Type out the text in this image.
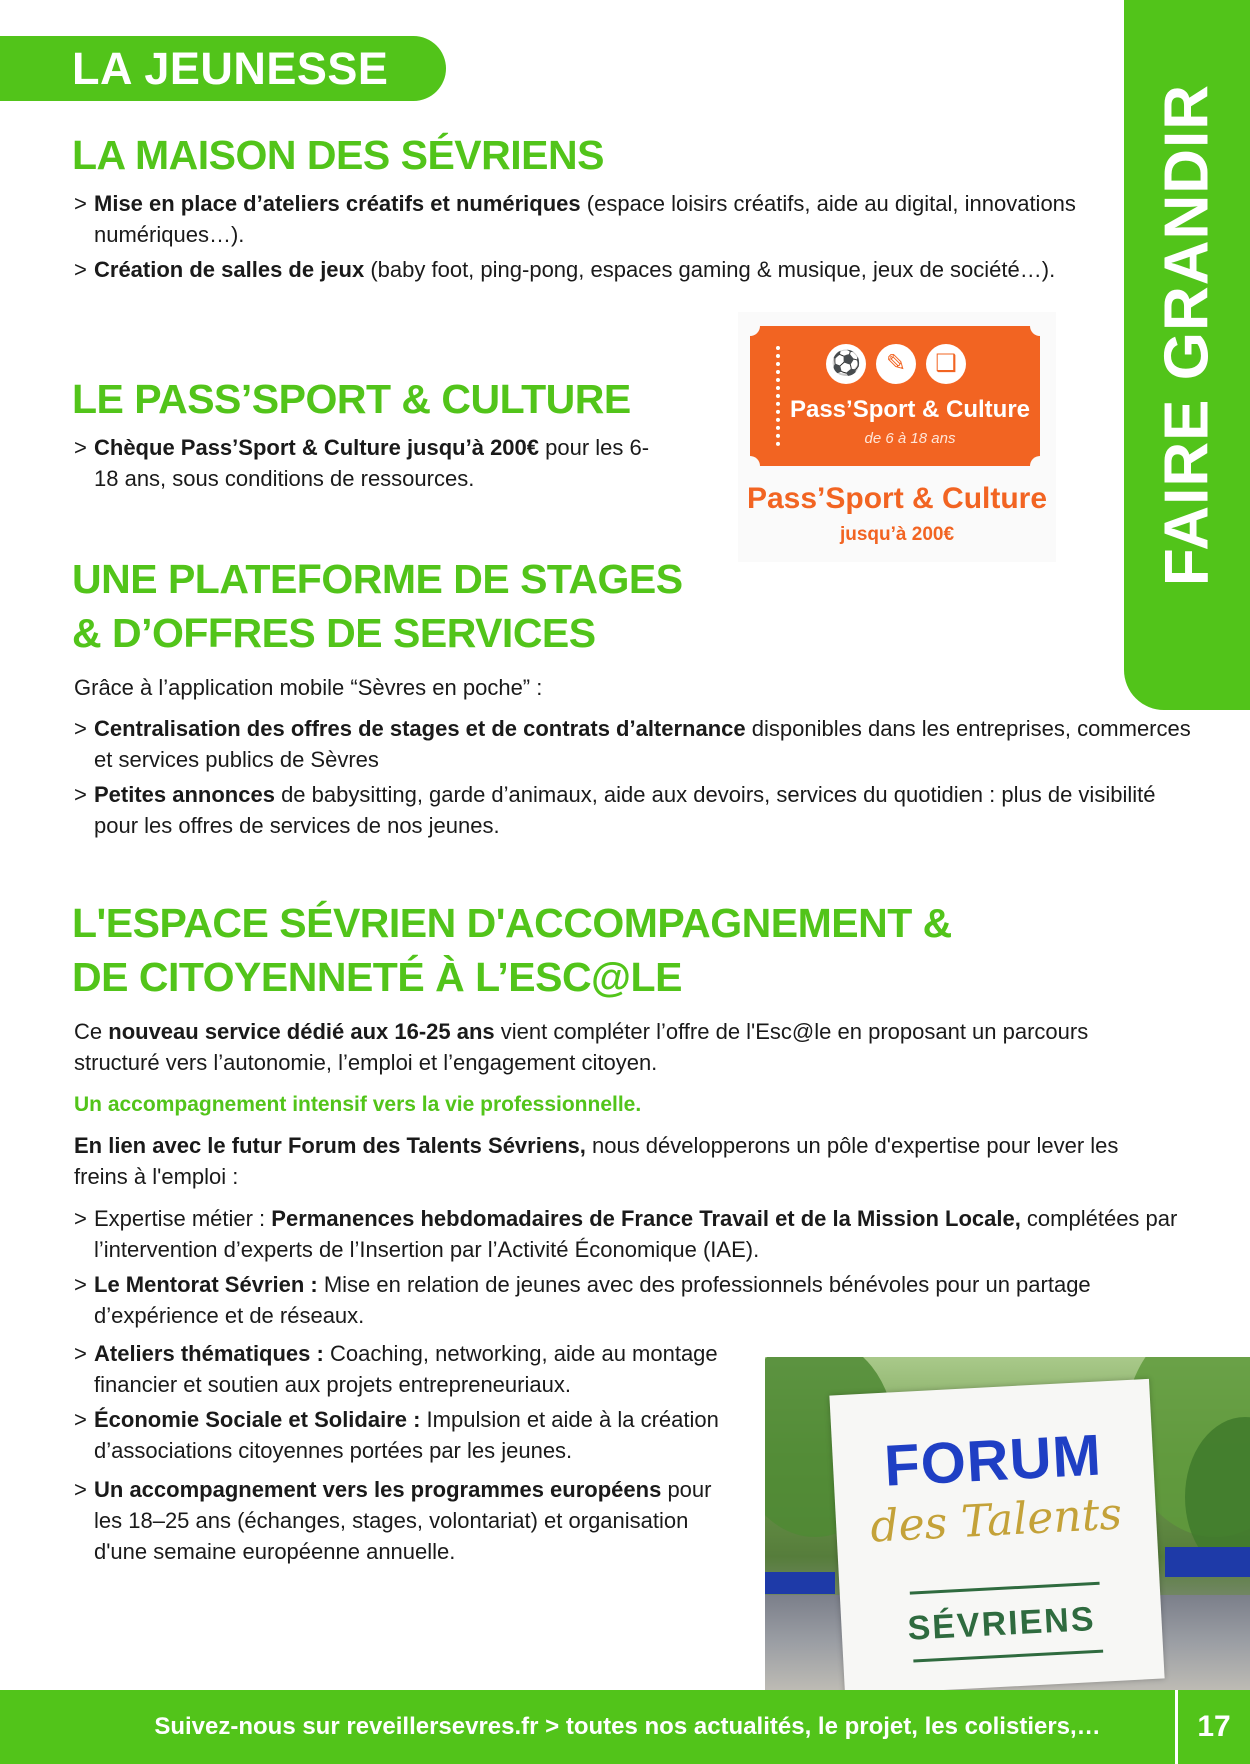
LA JEUNESSE
FAIRE GRANDIR
LA MAISON DES SÉVRIENS
> Mise en place d’ateliers créatifs et numériques (espace loisirs créatifs, aide au digital, innovations numériques…).
> Création de salles de jeux (baby foot, ping-pong, espaces gaming & musique, jeux de société…).
LE PASS’SPORT & CULTURE
> Chèque Pass’Sport & Culture jusqu’à 200€ pour les 6-18 ans, sous conditions de ressources.
⚽	✎	❑
Pass’Sport & Culture
de 6 à 18 ans
Pass’Sport & Culture
jusqu’à 200€
UNE PLATEFORME DE STAGES
& D’OFFRES DE SERVICES

Grâce à l’application mobile “Sèvres en poche” :

> Centralisation des offres de stages et de contrats d’alternance disponibles dans les entreprises, commerces et services publics de Sèvres
> Petites annonces de babysitting, garde d’animaux, aide aux devoirs, services du quotidien : plus de visibilité pour les offres de services de nos jeunes.
L'ESPACE SÉVRIEN D'ACCOMPAGNEMENT &
DE CITOYENNETÉ À L’ESC@LE

Ce nouveau service dédié aux 16-25 ans vient compléter l’offre de l'Esc@le en proposant un parcours structuré vers l’autonomie, l’emploi et l’engagement citoyen.

Un accompagnement intensif vers la vie professionnelle.

En lien avec le futur Forum des Talents Sévriens, nous développerons un pôle d'expertise pour lever les freins à l'emploi :

> Expertise métier : Permanences hebdomadaires de France Travail et de la Mission Locale, complétées par l’intervention d’experts de l’Insertion par l’Activité Économique (IAE).
> Le Mentorat Sévrien : Mise en relation de jeunes avec des professionnels bénévoles pour un partage d’expérience et de réseaux.
> Ateliers thématiques : Coaching, networking, aide au montage financier et soutien aux projets entrepreneuriaux.
> Économie Sociale et Solidaire : Impulsion et aide à la création d’associations citoyennes portées par les jeunes.
> Un accompagnement vers les programmes européens pour les 18–25 ans (échanges, stages, volontariat) et organisation d'une semaine européenne annuelle.
FORUM
des Talents
SÉVRIENS
Suivez-nous sur reveillersevres.fr > toutes nos actualités, le projet, les colistiers,…	17
